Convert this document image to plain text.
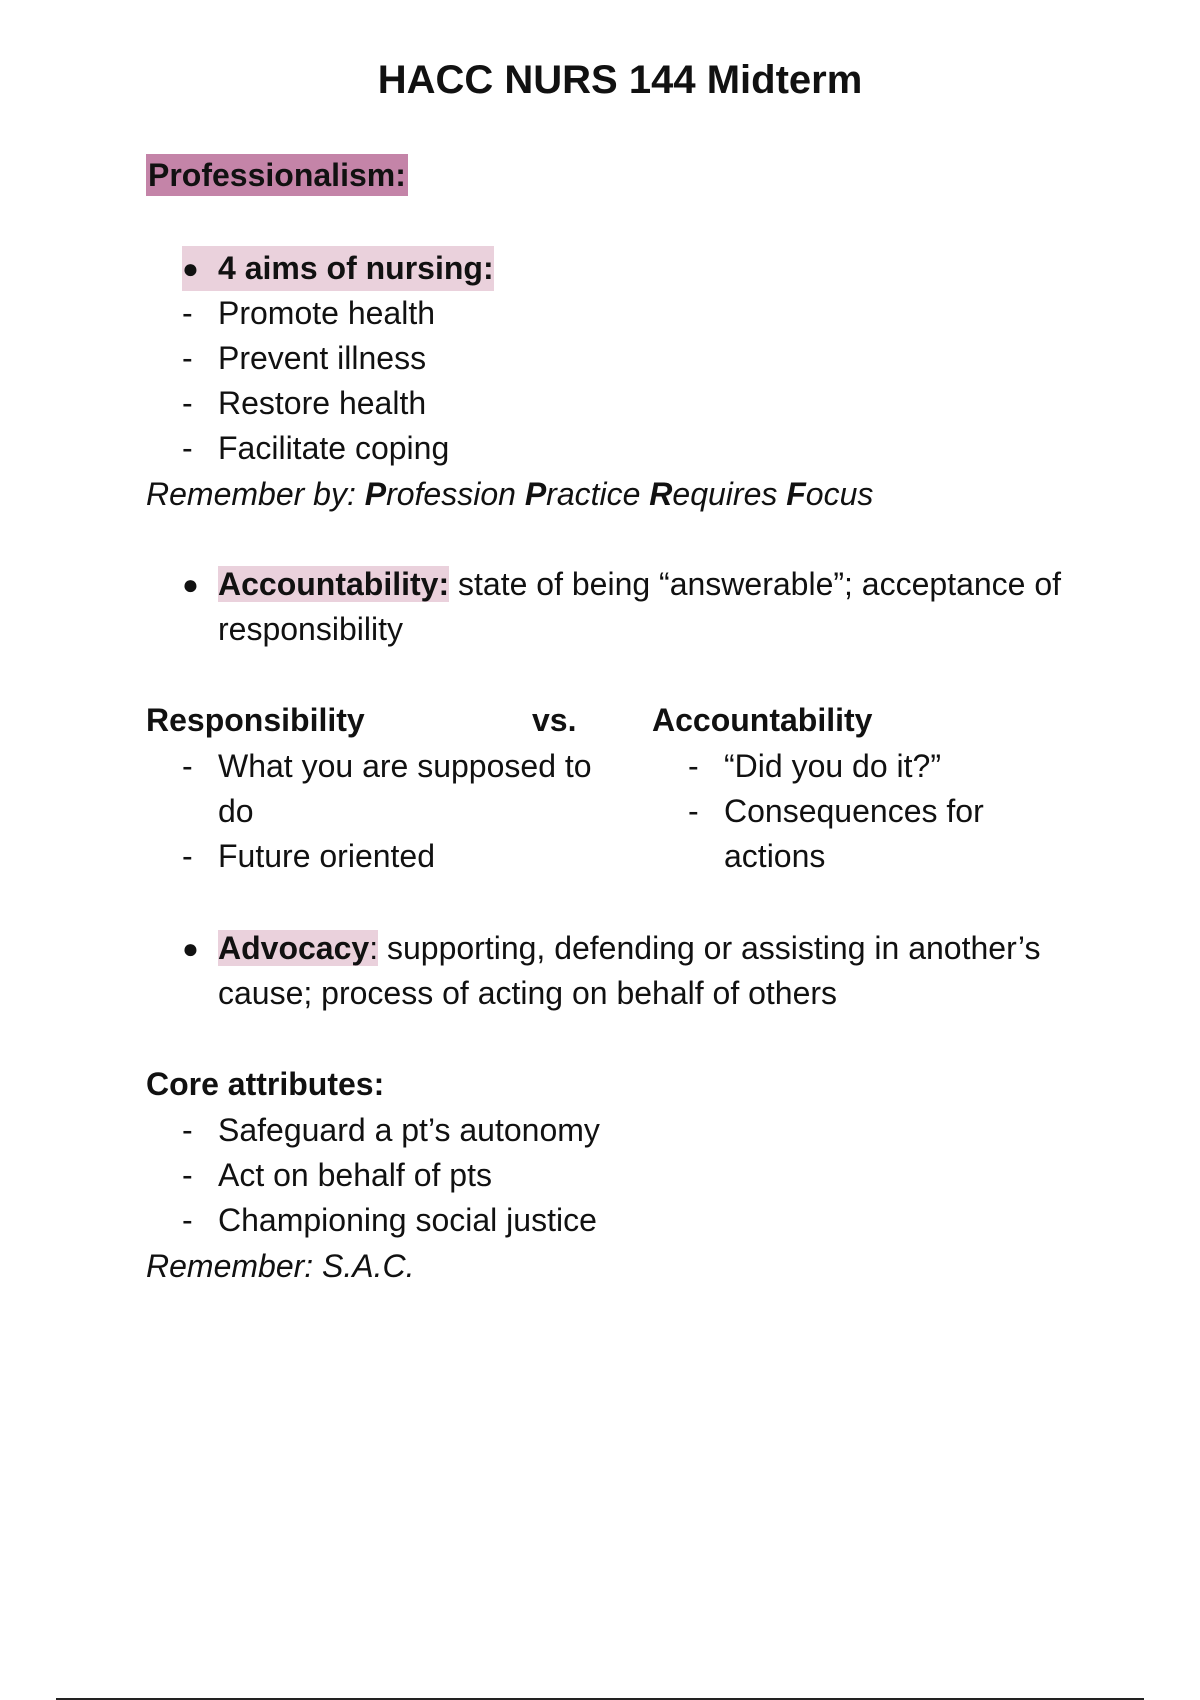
HACC NURS 144 Midterm
Professionalism:
● 4 aims of nursing:
- Promote health
- Prevent illness
- Restore health
- Facilitate coping
Remember by: Profession Practice Requires Focus
● Accountability: state of being “answerable”; acceptance of responsibility
Responsibility	vs. Accountability
- What you are supposed to do
- Future oriented
- “Did you do it?”
- Consequences for actions
● Advocacy: supporting, defending or assisting in another’s cause; process of acting on behalf of others
Core attributes:
- Safeguard a pt’s autonomy
- Act on behalf of pts
- Championing social justice
Remember: S.A.C.
